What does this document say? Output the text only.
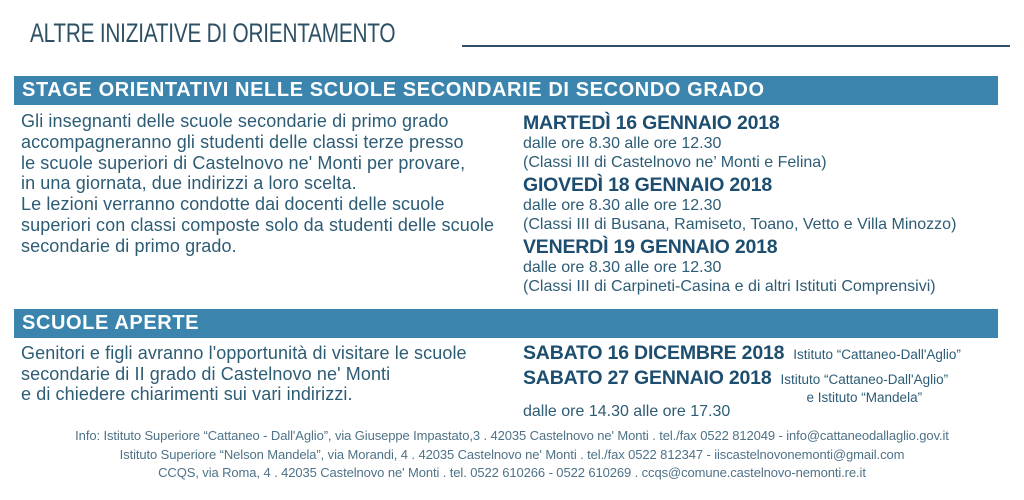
ALTRE INIZIATIVE DI ORIENTAMENTO
STAGE ORIENTATIVI NELLE SCUOLE SECONDARIE DI SECONDO GRADO
Gli insegnanti delle scuole secondarie di primo grado
accompagneranno gli studenti delle classi terze presso
le scuole superiori di Castelnovo ne' Monti per provare,
in una giornata, due indirizzi a loro scelta.
Le lezioni verranno condotte dai docenti delle scuole
superiori con classi composte solo da studenti delle scuole
secondarie di primo grado.
MARTEDÌ 16 GENNAIO 2018
dalle ore 8.30 alle ore 12.30
(Classi III di Castelnovo ne’ Monti e Felina)
GIOVEDÌ 18 GENNAIO 2018
dalle ore 8.30 alle ore 12.30
(Classi III di Busana, Ramiseto, Toano, Vetto e Villa Minozzo)
VENERDÌ 19 GENNAIO 2018
dalle ore 8.30 alle ore 12.30
(Classi III di Carpineti-Casina e di altri Istituti Comprensivi)
SCUOLE APERTE
Genitori e figli avranno l'opportunità di visitare le scuole
secondarie di II grado di Castelnovo ne' Monti
e di chiedere chiarimenti sui vari indirizzi.
SABATO 16 DICEMBRE 2018 Istituto “Cattaneo-Dall'Aglio”
SABATO 27 GENNAIO 2018 Istituto “Cattaneo-Dall'Aglio”
e Istituto “Mandela”
dalle ore 14.30 alle ore 17.30
Info: Istituto Superiore “Cattaneo - Dall'Aglio”, via Giuseppe Impastato,3 . 42035 Castelnovo ne' Monti . tel./fax 0522 812049 - info@cattaneodallaglio.gov.it
Istituto Superiore “Nelson Mandela”, via Morandi, 4 . 42035 Castelnovo ne' Monti . tel./fax 0522 812347 - iiscastelnovonemonti@gmail.com
CCQS, via Roma, 4 . 42035 Castelnovo ne' Monti . tel. 0522 610266 - 0522 610269 . ccqs@comune.castelnovo-nemonti.re.it
